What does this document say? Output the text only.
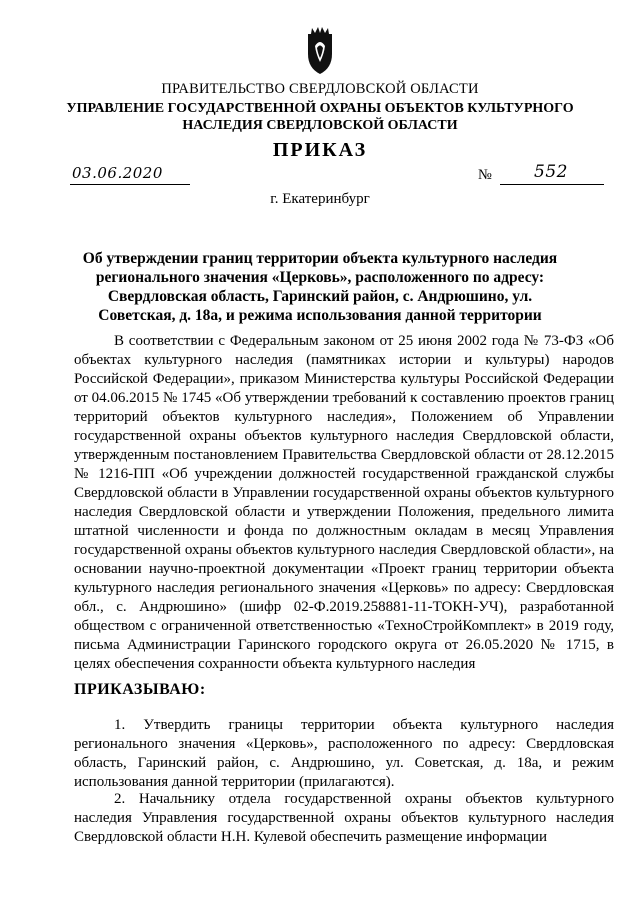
ПРАВИТЕЛЬСТВО СВЕРДЛОВСКОЙ ОБЛАСТИ
УПРАВЛЕНИЕ ГОСУДАРСТВЕННОЙ ОХРАНЫ ОБЪЕКТОВ КУЛЬТУРНОГО НАСЛЕДИЯ СВЕРДЛОВСКОЙ ОБЛАСТИ
ПРИКАЗ
03.06.2020	№ 552
г. Екатеринбург
Об утверждении границ территории объекта культурного наследия регионального значения «Церковь», расположенного по адресу: Свердловская область, Гаринский район, с. Андрюшино, ул. Советская, д. 18а, и режима использования данной территории
В соответствии с Федеральным законом от 25 июня 2002 года № 73-ФЗ «Об объектах культурного наследия (памятниках истории и культуры) народов Российской Федерации», приказом Министерства культуры Российской Федерации от 04.06.2015 № 1745 «Об утверждении требований к составлению проектов границ территорий объектов культурного наследия», Положением об Управлении государственной охраны объектов культурного наследия Свердловской области, утвержденным постановлением Правительства Свердловской области от 28.12.2015 № 1216-ПП «Об учреждении должностей государственной гражданской службы Свердловской области в Управлении государственной охраны объектов культурного наследия Свердловской области и утверждении Положения, предельного лимита штатной численности и фонда по должностным окладам в месяц Управления государственной охраны объектов культурного наследия Свердловской области», на основании научно-проектной документации «Проект границ территории объекта культурного наследия регионального значения «Церковь» по адресу: Свердловская обл., с. Андрюшино» (шифр 02-Ф.2019.258881-11-ТОКН-УЧ), разработанной обществом с ограниченной ответственностью «ТехноСтройКомплект» в 2019 году, письма Администрации Гаринского городского округа от 26.05.2020 № 1715, в целях обеспечения сохранности объекта культурного наследия
ПРИКАЗЫВАЮ:
1. Утвердить границы территории объекта культурного наследия регионального значения «Церковь», расположенного по адресу: Свердловская область, Гаринский район, с. Андрюшино, ул. Советская, д. 18а, и режим использования данной территории (прилагаются).
2. Начальнику отдела государственной охраны объектов культурного наследия Управления государственной охраны объектов культурного наследия Свердловской области Н.Н. Кулевой обеспечить размещение информации
